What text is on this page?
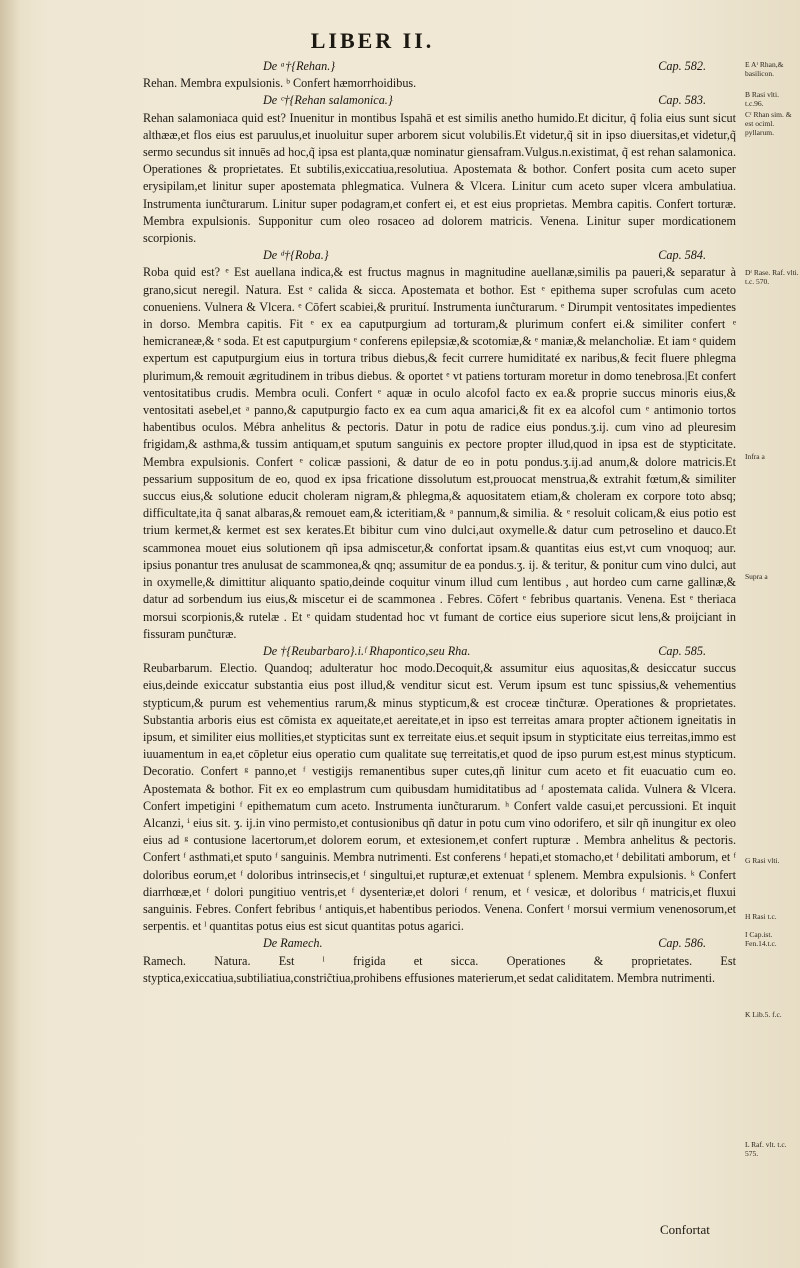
LIBER II.
De ᵃ†{Rehan.}	Cap. 582.

Rehan. Membra expulsionis. ᵇ Confert hæmorrhoidibus.

De ᶜ†{Rehan salamonica.}	Cap. 583.

Rehan salamoniaca quid est? Inuenitur in montibus Ispahā et est similis anetho humido.Et dicitur, q̃ folia eius sunt sicut althææ,et flos eius est paruulus,et inuoluitur super arborem sicut volubilis.Et videtur,q̃ sit in ipso diuersitas,et videtur,q̃ sermo secundus sit innuēs ad hoc,q̃ ipsa est planta,quæ nominatur giensafram.Vulgus.n.existimat, q̃ est rehan salamonica. Operationes & proprietates. Et subtilis,exiccatiua,resolutiua. Apostemata & bothor. Confert posita cum aceto super erysipilam,et linitur super apostemata phlegmatica. Vulnera & Vlcera. Linitur cum aceto super vlcera ambulatiua. Instrumenta iunc̃turarum. Linitur super podagram,et confert ei, et est eius proprietas. Membra capitis. Confert torturæ. Membra expulsionis. Supponitur cum oleo rosaceo ad dolorem matricis. Venena. Linitur super mordicationem scorpionis.

De ᵈ†{Roba.}	Cap. 584.

Roba quid est? ᵉ Est auellana indica,& est fructus magnus in magnitudine auellanæ,similis pa paueri,& separatur à grano,sicut neregil. Natura. Est ᵉ calida & sicca. Apostemata et bothor. Est ᵉ epithema super scrofulas cum aceto conueniens. Vulnera & Vlcera. ᵉ Cōfert scabiei,& prurituí. Instrumenta iunc̃turarum. ᵉ Dirumpit ventositates impedientes in dorso. Membra capitis. Fit ᵉ ex ea caputpurgium ad torturam,& plurimum confert ei.& similiter confert ᵉ hemicraneæ,& ᵉ soda. Et est caputpurgium ᵉ conferens epilepsiæ,& scotomiæ,& ᵉ maniæ,& melancholiæ. Et iam ᵉ quidem expertum est caputpurgium eius in tortura tribus diebus,& fecit currere humiditaté ex naribus,& fecit fluere phlegma plurimum,& remouit ægritudinem in tribus diebus. & oportet ᵉ vt patiens torturam moretur in domo tenebrosa.|Et confert ventositatibus crudis. Membra oculi. Confert ᵉ aquæ in oculo alcofol facto ex ea.& proprie succus minoris eius,& ventositati asebel,et ᵃ panno,& caputpurgio facto ex ea cum aqua amarici,& fit ex ea alcofol cum ᵉ antimonio tortos habentibus oculos. Mébra anhelitus & pectoris. Datur in potu de radice eius pondus.ʒ.ij. cum vino ad pleuresim frigidam,& asthma,& tussim antiquam,et sputum sanguinis ex pectore propter illud,quod in ipsa est de stypticitate. Membra expulsionis. Confert ᵉ colicæ passioni, & datur de eo in potu pondus.ʒ.ij.ad anum,& dolore matricis.Et pessarium suppositum de eo, quod ex ipsa fricatione dissolutum est,prouocat menstrua,& extrahit fœtum,& similiter succus eius,& solutione educit choleram nigram,& phlegma,& aquositatem etiam,& choleram ex corpore toto absq; difficultate,ita q̃ sanat albaras,& remouet eam,& icteritiam,& ᵃ pannum,& similia. & ᵉ resoluit colicam,& eius potio est trium kermet,& kermet est sex kerates.Et bibitur cum vino dulci,aut oxymelle.& datur cum petroselino et dauco.Et scammonea mouet eius solutionem qñ ipsa admiscetur,& confortat ipsam.& quantitas eius est,vt cum vnoquoq; aur. ipsius ponantur tres anulusat de scammonea,& qnq; assumitur de ea pondus.ʒ. ij. & teritur, & ponitur cum vino dulci, aut in oxymelle,& dimittitur aliquanto spatio,deinde coquitur vinum illud cum lentibus , aut hordeo cum carne gallinæ,& datur ad sorbendum ius eius,& miscetur ei de scammonea . Febres. Cōfert ᵉ febribus quartanis. Venena. Est ᵉ theriaca morsui scorpionis,& rutelæ . Et ᵉ quidam studentad hoc vt fumant de cortice eius superiore sicut lens,& proijciant in fissuram punc̃turæ.

De †{Reubarbaro}.i.ᶠ Rhapontico,seu Rha.	Cap. 585.

Reubarbarum. Electio. Quandoq; adulteratur hoc modo.Decoquit,& assumitur eius aquositas,& desiccatur succus eius,deinde exiccatur substantia eius post illud,& venditur sicut est. Verum ipsum est tunc spissius,& vehementius stypticum,& purum est vehementius rarum,& minus stypticum,& est croceæ tinc̃turæ. Operationes & proprietates. Substantia arboris eius est cōmista ex aqueitate,et aereitate,et in ipso est terreitas amara propter ac̃tionem igneitatis in ipsum, et similiter eius mollities,et stypticitas sunt ex terreitate eius.et sequit ipsum in stypticitate eius terreitas,immo est iuuamentum in ea,et cōpletur eius operatio cum qualitate suę terreitatis,et quod de ipso purum est,est minus stypticum. Decoratio. Confert ᵍ panno,et ᶠ vestigijs remanentibus super cutes,qñ linitur cum aceto et fit euacuatio cum eo. Apostemata & bothor. Fit ex eo emplastrum cum quibusdam humiditatibus ad ᶠ apostemata calida. Vulnera & Vlcera. Confert impetigini ᶠ epithematum cum aceto. Instrumenta iunc̃turarum. ʰ Confert valde casui,et percussioni. Et inquit Alcanzi, ⁱ eius sit. ʒ. ij.in vino permisto,et contusionibus qñ datur in potu cum vino odorifero, et silr qñ inungitur ex oleo eius ad ᵍ contusione lacertorum,et dolorem eorum, et extesionem,et confert rupturæ . Membra anhelitus & pectoris. Confert ᶠ asthmati,et sputo ᶠ sanguinis. Membra nutrimenti. Est conferens ᶠ hepati,et stomacho,et ᶠ debilitati amborum, et ᶠ doloribus eorum,et ᶠ doloribus intrinsecis,et ᶠ singultui,et rupturæ,et extenuat ᶠ splenem. Membra expulsionis. ᵏ Confert diarrhœæ,et ᶠ dolori pungitiuo ventris,et ᶠ dysenteriæ,et dolori ᶠ renum, et ᶠ vesicæ, et doloribus ᶠ matricis,et fluxui sanguinis. Febres. Confert febribus ᶠ antiquis,et habentibus periodos. Venena. Confert ᶠ morsui vermium venenosorum,et serpentis. et ˡ quantitas potus eius est sicut quantitas potus agarici.

De Ramech.	Cap. 586.

Ramech. Natura. Est ˡ frigida et sicca. Operationes & proprietates. Est styptica,exiccatiua,subtiliatiua,constric̃tiua,prohibens effusiones materierum,et sedat caliditatem. Membra nutrimenti.

E Aᶠ Rhan,& basilicon.
B Rasi vlti. t.c.96.
Cᶠ Rhan sim. & est ociml. pyllarum.
Dᶠ Rase. Raf. vlti. t.c. 570.
Infra a
Supra a
G Rasi vlti.
H Rasi t.c.
I Cap.ist. Fen.14.t.c.
K Lib.5. f.c.
L Raf. vlt. t.c. 575.
Confortat
